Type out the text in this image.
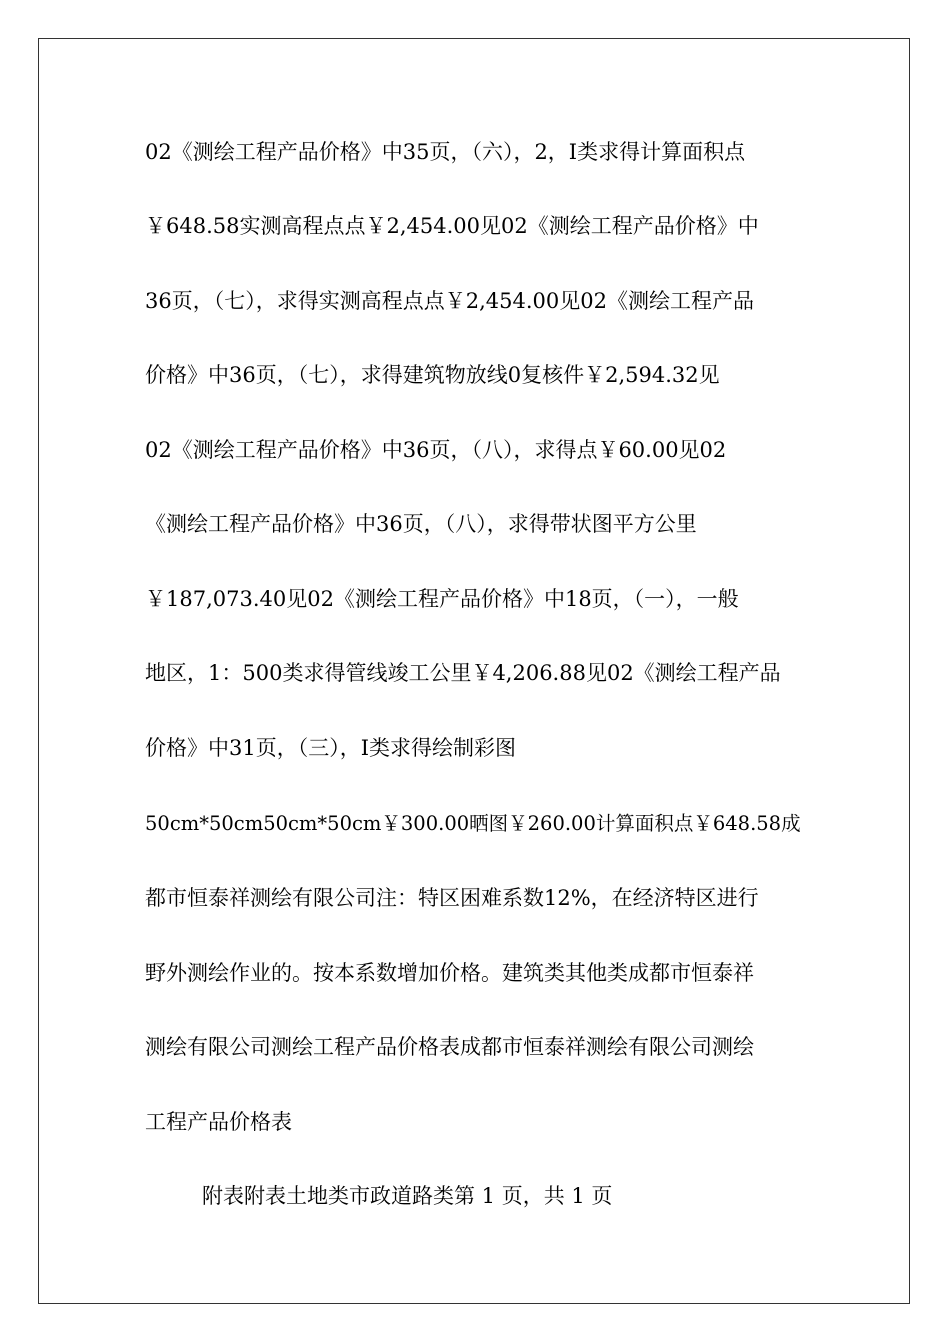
02《测绘工程产品价格》中35页，（六），2，I类求得计算面积点
￥648.58实测高程点点￥2,454.00见02《测绘工程产品价格》中
36页，（七），求得实测高程点点￥2,454.00见02《测绘工程产品
价格》中36页，（七），求得建筑物放线0复核件￥2,594.32见
02《测绘工程产品价格》中36页，（八），求得点￥60.00见02
《测绘工程产品价格》中36页，（八），求得带状图平方公里
￥187,073.40见02《测绘工程产品价格》中18页，（一），一般
地区，1：500类求得管线竣工公里￥4,206.88见02《测绘工程产品
价格》中31页，（三），I类求得绘制彩图
50cm*50cm50cm*50cm￥300.00晒图￥260.00计算面积点￥648.58成
都市恒泰祥测绘有限公司注：特区困难系数12%，在经济特区进行
野外测绘作业的。按本系数增加价格。建筑类其他类成都市恒泰祥
测绘有限公司测绘工程产品价格表成都市恒泰祥测绘有限公司测绘
工程产品价格表
附表附表土地类市政道路类第 1 页，共 1 页
